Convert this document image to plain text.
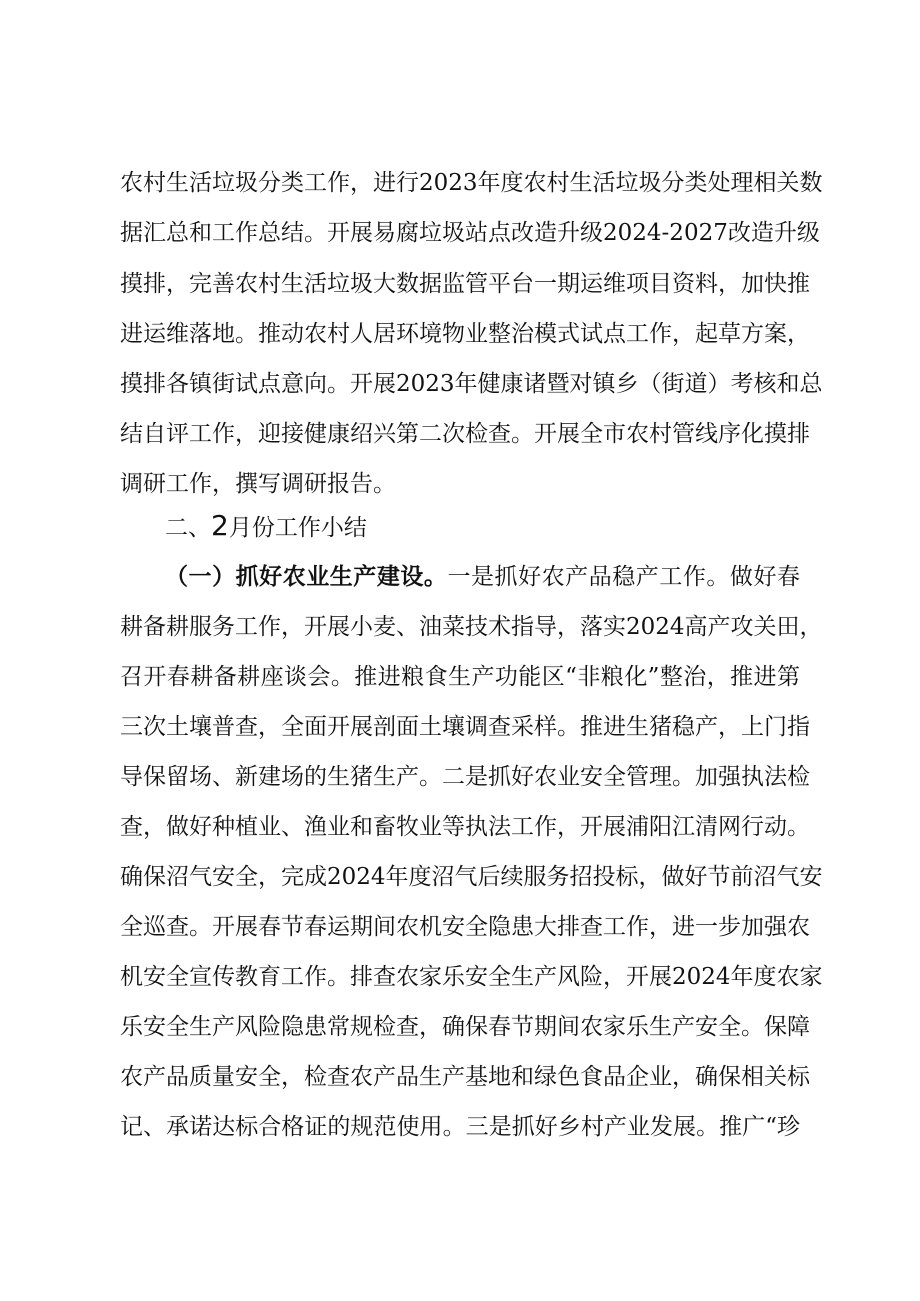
农村生活垃圾分类工作，进行2023年度农村生活垃圾分类处理相关数

据汇总和工作总结。开展易腐垃圾站点改造升级2024-2027改造升级

摸排，完善农村生活垃圾大数据监管平台一期运维项目资料，加快推

进运维落地。推动农村人居环境物业整治模式试点工作，起草方案，

摸排各镇街试点意向。开展2023年健康诸暨对镇乡（街道）考核和总

结自评工作，迎接健康绍兴第二次检查。开展全市农村管线序化摸排

调研工作，撰写调研报告。

二、2月份工作小结

（一）抓好农业生产建设。一是抓好农产品稳产工作。做好春

耕备耕服务工作，开展小麦、油菜技术指导，落实2024高产攻关田，

召开春耕备耕座谈会。推进粮食生产功能区“非粮化”整治，推进第

三次土壤普查，全面开展剖面土壤调查采样。推进生猪稳产，上门指

导保留场、新建场的生猪生产。二是抓好农业安全管理。加强执法检

查，做好种植业、渔业和畜牧业等执法工作，开展浦阳江清网行动。

确保沼气安全，完成2024年度沼气后续服务招投标，做好节前沼气安

全巡查。开展春节春运期间农机安全隐患大排查工作，进一步加强农

机安全宣传教育工作。排查农家乐安全生产风险，开展2024年度农家

乐安全生产风险隐患常规检查，确保春节期间农家乐生产安全。保障

农产品质量安全，检查农产品生产基地和绿色食品企业，确保相关标

记、承诺达标合格证的规范使用。三是抓好乡村产业发展。推广“珍
